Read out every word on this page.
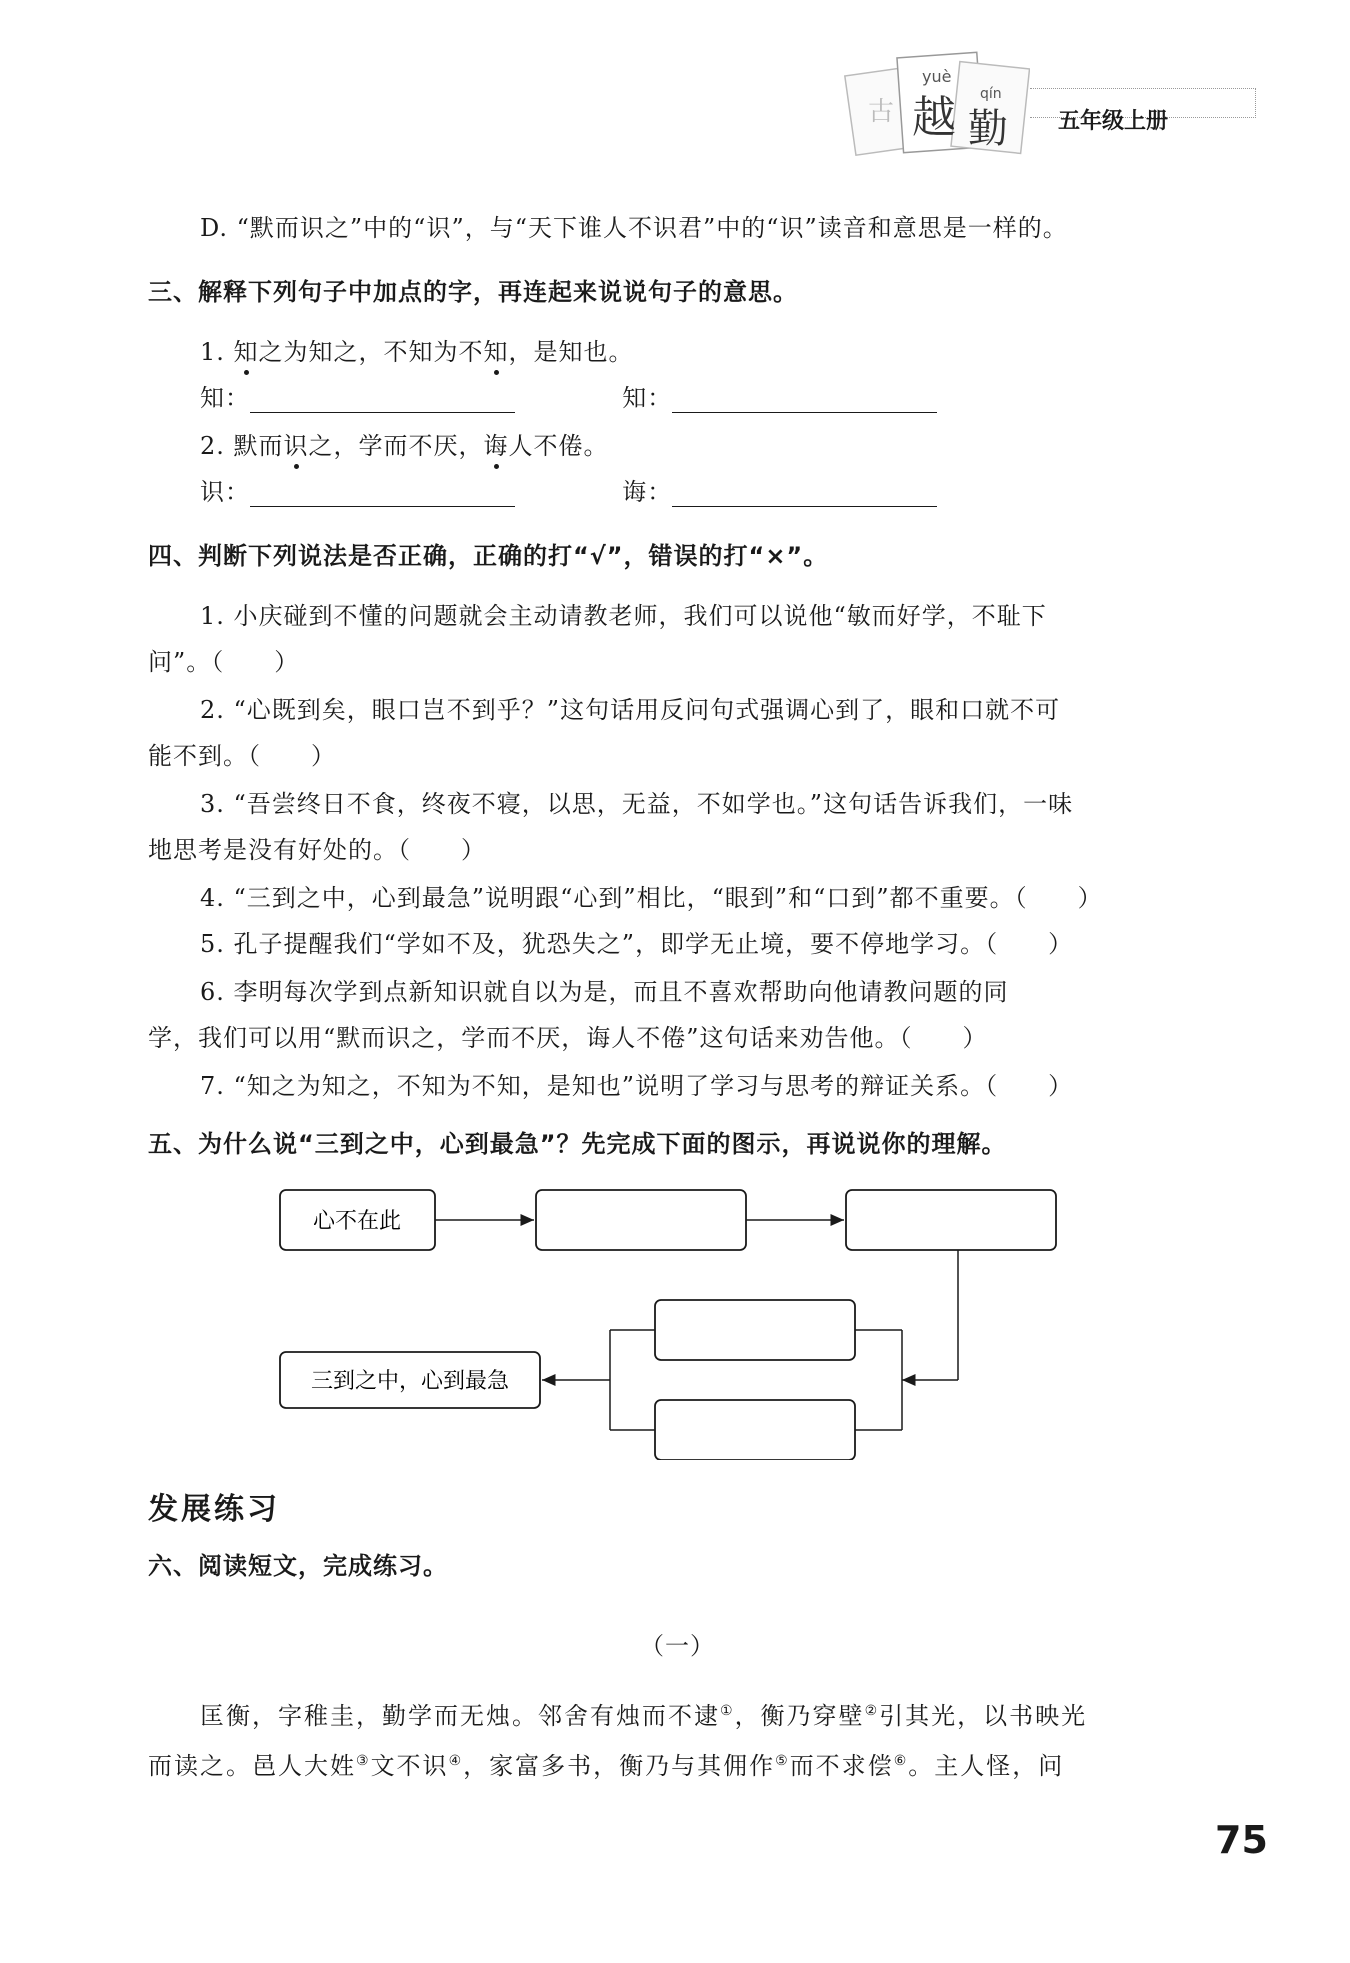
古
yuè
越 qín
勤 五年级上册
D. “默而识之”中的“识”，与“天下谁人不识君”中的“识”读音和意思是一样的。
三、解释下列句子中加点的字，再连起来说说句子的意思。
1. 知之为知之，不知为不知，是知也。
知：	知：
2. 默而识之，学而不厌，诲人不倦。
识：	诲：
四、判断下列说法是否正确，正确的打“√”，错误的打“×”。
1. 小庆碰到不懂的问题就会主动请教老师，我们可以说他“敏而好学，不耻下
问”。（　　）
2. “心既到矣，眼口岂不到乎？”这句话用反问句式强调心到了，眼和口就不可
能不到。（　　）
3. “吾尝终日不食，终夜不寝，以思，无益，不如学也。”这句话告诉我们，一味
地思考是没有好处的。（　　）
4. “三到之中，心到最急”说明跟“心到”相比，“眼到”和“口到”都不重要。（　　）
5. 孔子提醒我们“学如不及，犹恐失之”，即学无止境，要不停地学习。（　　）
6. 李明每次学到点新知识就自以为是，而且不喜欢帮助向他请教问题的同
学，我们可以用“默而识之，学而不厌，诲人不倦”这句话来劝告他。（　　）
7. “知之为知之，不知为不知，是知也”说明了学习与思考的辩证关系。（　　）
五、为什么说“三到之中，心到最急”？先完成下面的图示，再说说你的理解。
心不在此
三到之中，心到最急
发展练习
六、阅读短文，完成练习。
（一）
匡衡，字稚圭，勤学而无烛。邻舍有烛而不逮①，衡乃穿壁②引其光，以书映光
而读之。邑人大姓③文不识④，家富多书，衡乃与其佣作⑤而不求偿⑥。主人怪，问
75
